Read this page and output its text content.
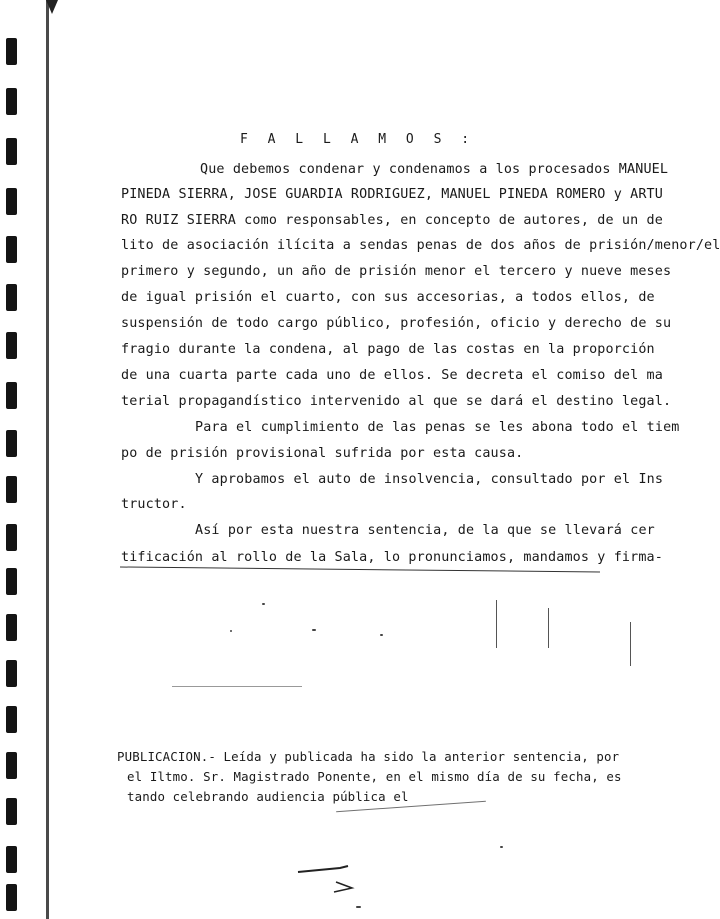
F A L L A M O S :
Que debemos condenar y condenamos a los procesados MANUEL
PINEDA SIERRA, JOSE GUARDIA RODRIGUEZ, MANUEL PINEDA ROMERO y ARTU
RO RUIZ SIERRA como responsables, en concepto de autores, de un de
lito de asociación ilícita a sendas penas de dos años de prisión/menor/el
primero y segundo, un año de prisión menor el tercero y nueve meses
de igual prisión el cuarto, con sus accesorias, a todos ellos, de
suspensión de todo cargo público, profesión, oficio y derecho de su
fragio durante la condena, al pago de las costas en la proporción
de una cuarta parte cada uno de ellos. Se decreta el comiso del ma
terial propagandístico intervenido al que se dará el destino legal.
Para el cumplimiento de las penas se les abona todo el tiem
po de prisión provisional sufrida por esta causa.
Y aprobamos el auto de insolvencia, consultado por el Ins
tructor.
Así por esta nuestra sentencia, de la que se llevará cer
tificación al rollo de la Sala, lo pronunciamos, mandamos y firma-
PUBLICACION.- Leída y publicada ha sido la anterior sentencia, por
el Iltmo. Sr. Magistrado Ponente, en el mismo día de su fecha, es
tando celebrando audiencia pública el
